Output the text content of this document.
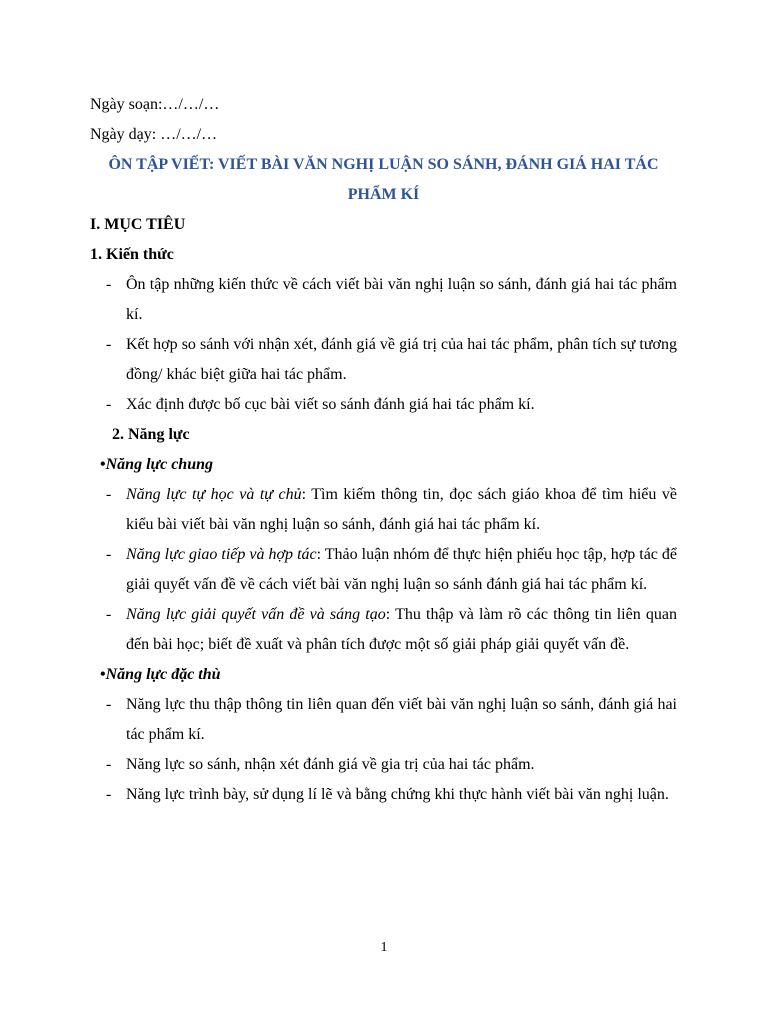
Ngày soạn:…/…/…
Ngày dạy: …/…/…
ÔN TẬP VIẾT: VIẾT BÀI VĂN NGHỊ LUẬN SO SÁNH, ĐÁNH GIÁ HAI TÁC
PHẨM KÍ
I. MỤC TIÊU
1. Kiến thức
- Ôn tập những kiến thức về cách viết bài văn nghị luận so sánh, đánh giá hai tác phẩm kí.
- Kết hợp so sánh với nhận xét, đánh giá về giá trị của hai tác phẩm, phân tích sự tương đồng/ khác biệt giữa hai tác phẩm.
- Xác định được bố cục bài viết so sánh đánh giá hai tác phẩm kí.
2. Năng lực
•Năng lực chung
- Năng lực tự học và tự chủ: Tìm kiếm thông tin, đọc sách giáo khoa để tìm hiểu về kiểu bài viết bài văn nghị luận so sánh, đánh giá hai tác phẩm kí.
- Năng lực giao tiếp và hợp tác: Thảo luận nhóm để thực hiện phiếu học tập, hợp tác để giải quyết vấn đề về cách viết bài văn nghị luận so sánh đánh giá hai tác phẩm kí.
- Năng lực giải quyết vấn đề và sáng tạo: Thu thập và làm rõ các thông tin liên quan đến bài học; biết đề xuất và phân tích được một số giải pháp giải quyết vấn đề.
•Năng lực đặc thù
- Năng lực thu thập thông tin liên quan đến viết bài văn nghị luận so sánh, đánh giá hai tác phẩm kí.
- Năng lực so sánh, nhận xét đánh giá về gia trị của hai tác phẩm.
- Năng lực trình bày, sử dụng lí lẽ và bằng chứng khi thực hành viết bài văn nghị luận.
1
